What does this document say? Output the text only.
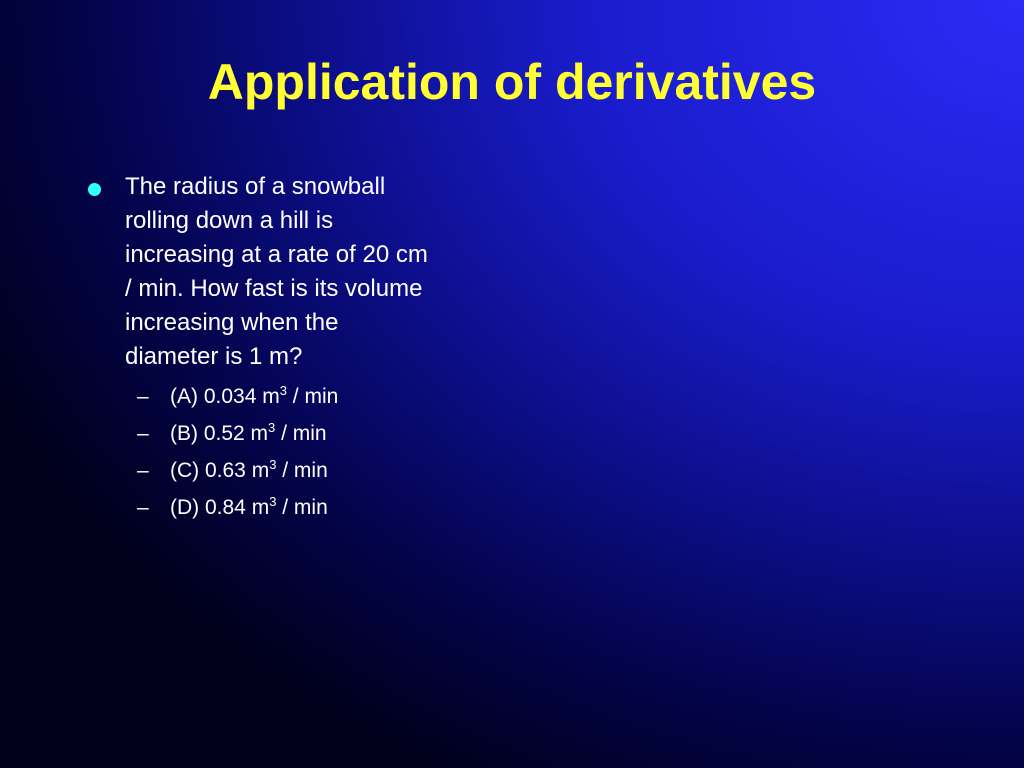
Application of derivatives
The radius of a snowball
rolling down a hill is
increasing at a rate of 20 cm
/ min. How fast is its volume
increasing when the
diameter is 1 m?
–	(A) 0.034 $m^3$ / min
–	(B) 0.52 $m^3$ / min
–	(C) 0.63 $m^3$ / min
–	(D) 0.84 $m^3$ / min
